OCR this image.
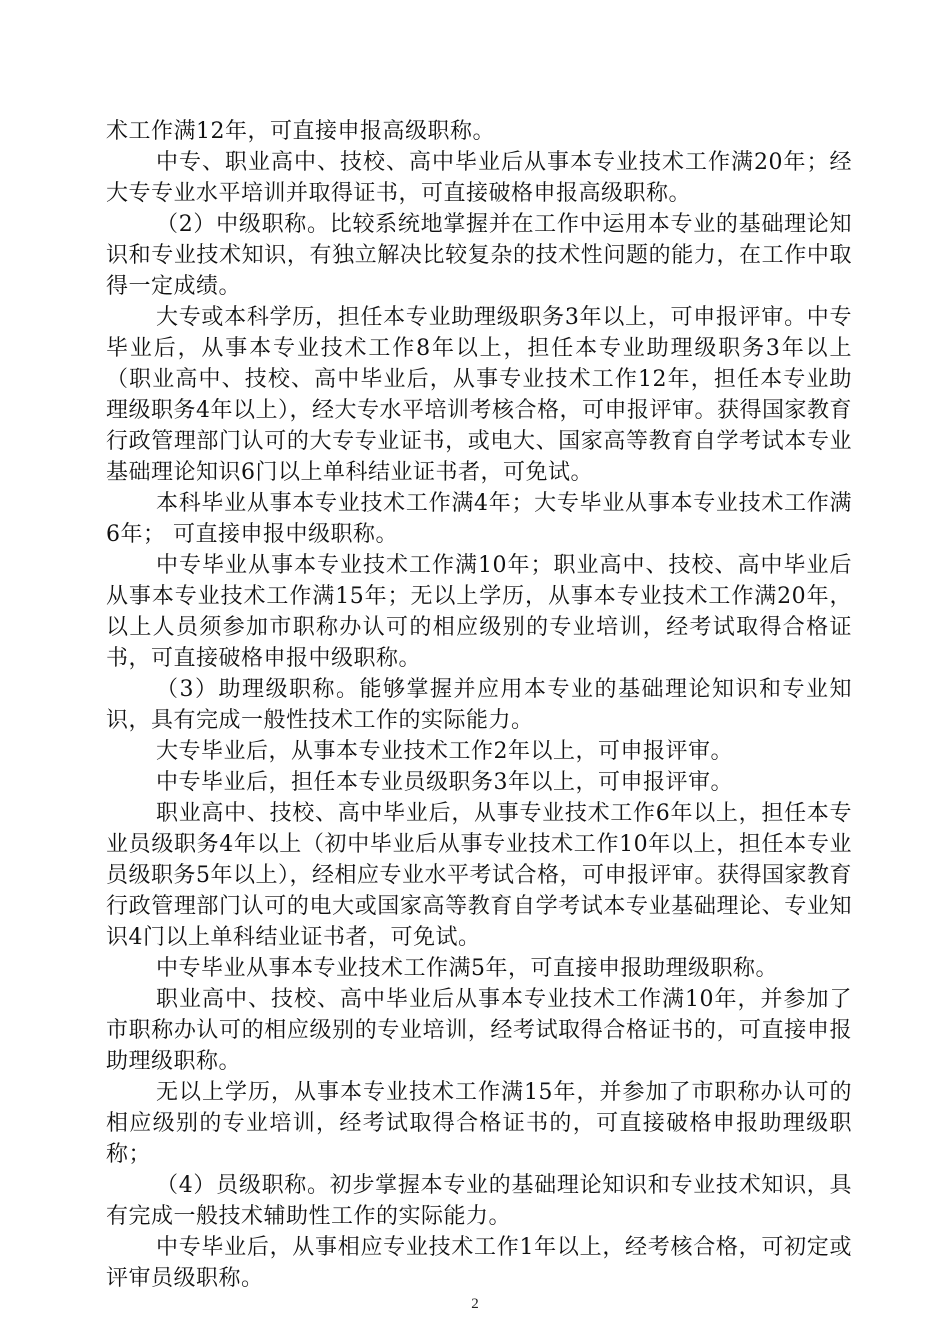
术工作满12年，可直接申报高级职称。

中专、职业高中、技校、高中毕业后从事本专业技术工作满20年；经大专专业水平培训并取得证书，可直接破格申报高级职称。

（2）中级职称。比较系统地掌握并在工作中运用本专业的基础理论知识和专业技术知识，有独立解决比较复杂的技术性问题的能力，在工作中取得一定成绩。

大专或本科学历，担任本专业助理级职务3年以上，可申报评审。中专毕业后，从事本专业技术工作8年以上，担任本专业助理级职务3年以上（职业高中、技校、高中毕业后，从事专业技术工作12年，担任本专业助理级职务4年以上），经大专水平培训考核合格，可申报评审。获得国家教育行政管理部门认可的大专专业证书，或电大、国家高等教育自学考试本专业基础理论知识6门以上单科结业证书者，可免试。

本科毕业从事本专业技术工作满4年；大专毕业从事本专业技术工作满6年； 可直接申报中级职称。

中专毕业从事本专业技术工作满10年；职业高中、技校、高中毕业后从事本专业技术工作满15年；无以上学历，从事本专业技术工作满20年，以上人员须参加市职称办认可的相应级别的专业培训，经考试取得合格证书，可直接破格申报中级职称。

（3）助理级职称。能够掌握并应用本专业的基础理论知识和专业知识，具有完成一般性技术工作的实际能力。

大专毕业后，从事本专业技术工作2年以上，可申报评审。

中专毕业后，担任本专业员级职务3年以上，可申报评审。

职业高中、技校、高中毕业后，从事专业技术工作6年以上，担任本专业员级职务4年以上（初中毕业后从事专业技术工作10年以上，担任本专业员级职务5年以上），经相应专业水平考试合格，可申报评审。获得国家教育行政管理部门认可的电大或国家高等教育自学考试本专业基础理论、专业知识4门以上单科结业证书者，可免试。

中专毕业从事本专业技术工作满5年，可直接申报助理级职称。

职业高中、技校、高中毕业后从事本专业技术工作满10年，并参加了市职称办认可的相应级别的专业培训，经考试取得合格证书的，可直接申报助理级职称。

无以上学历，从事本专业技术工作满15年，并参加了市职称办认可的相应级别的专业培训，经考试取得合格证书的，可直接破格申报助理级职称；

（4）员级职称。初步掌握本专业的基础理论知识和专业技术知识，具有完成一般技术辅助性工作的实际能力。

中专毕业后，从事相应专业技术工作1年以上，经考核合格，可初定或评审员级职称。

2
